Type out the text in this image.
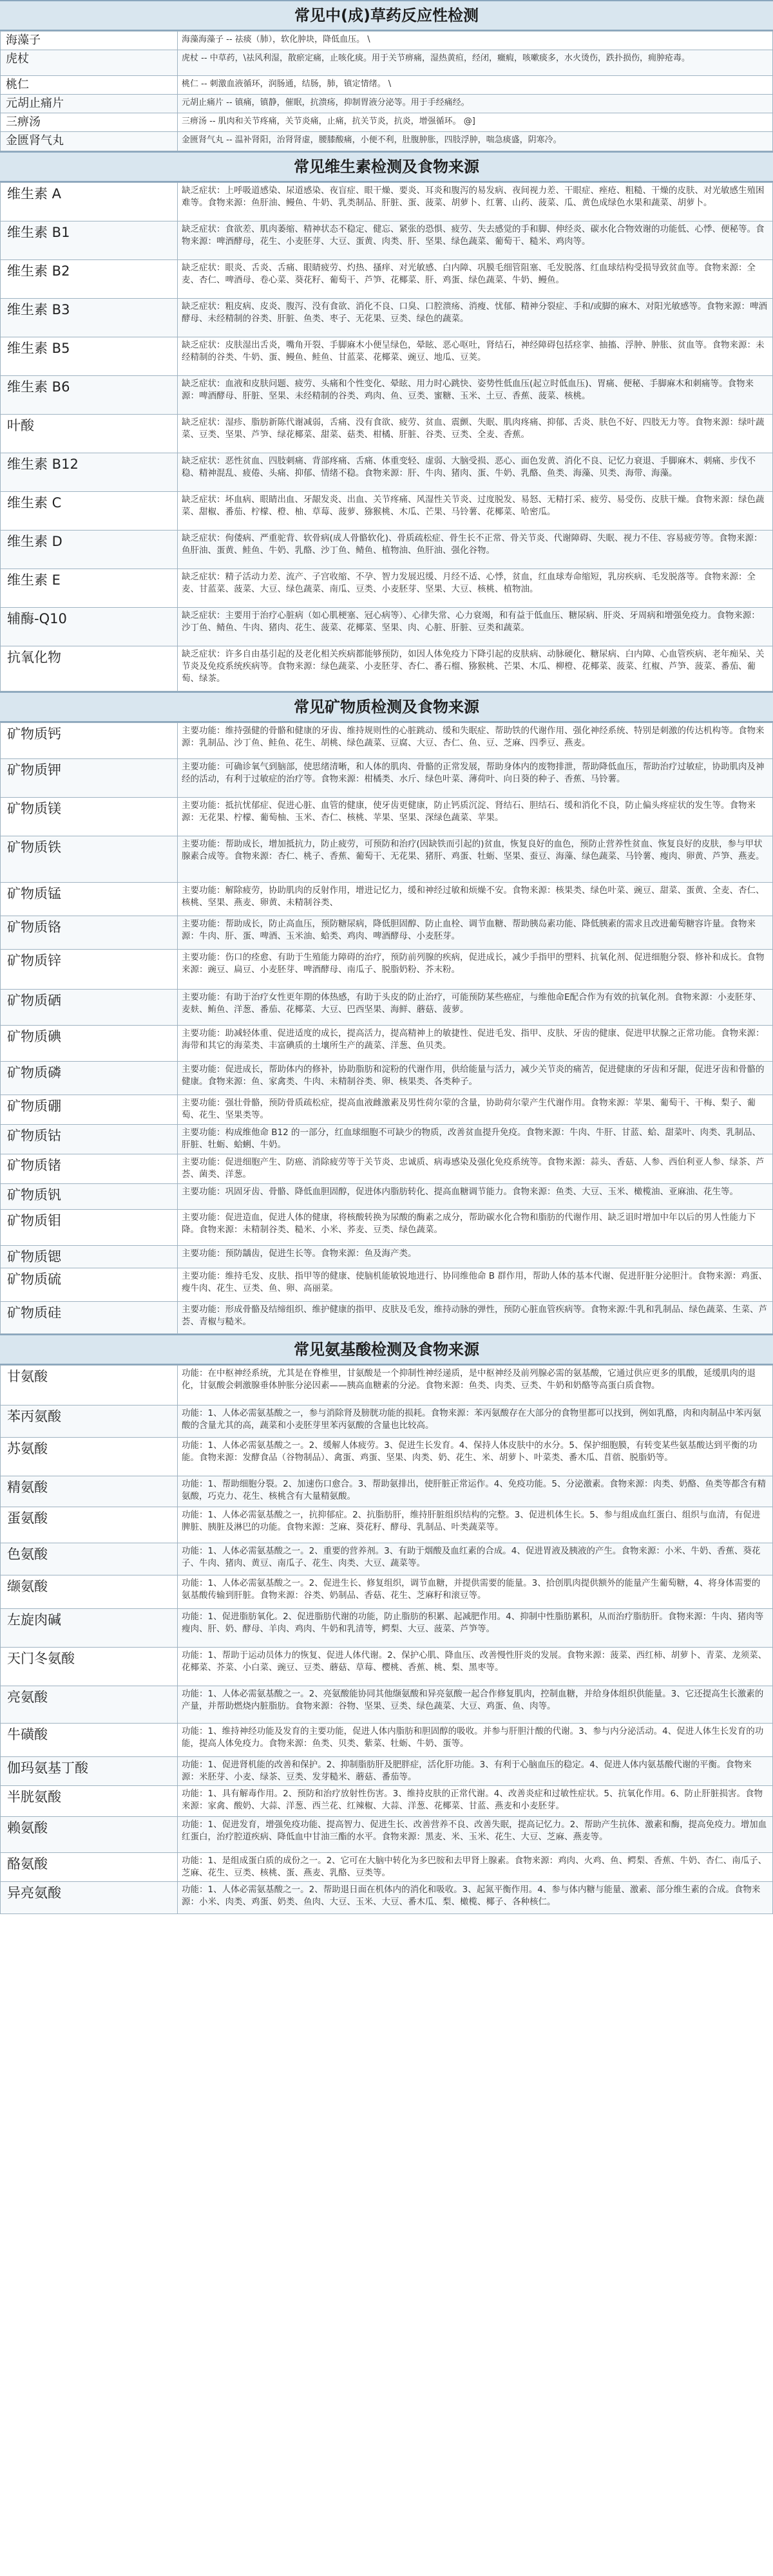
常见中(成)草药反应性检测
海藻子	海藻海藻子 -- 祛痰（肺），软化肿块，降低血压。 \
虎杖	虎杖 -- 中草药，\祛风利湿，散瘀定痛，止咳化痰。用于关节痹痛，湿热黄疸，经闭，癥瘕，咳嗽痰多，水火烫伤，跌扑损伤，痈肿疮毒。
桃仁	桃仁 -- 刺激血液循环，润肠通，结肠，肺，镇定情绪。 \
元胡止痛片	元胡止痛片 -- 镇痛，镇静，催眠，抗溃疡，抑制胃液分泌等。用于手经痛经。
三痹汤	三痹汤 -- 肌肉和关节疼痛，关节炎痛，止痛，抗关节炎，抗炎，增强循环。 @]
金匮肾气丸	金匮肾气丸 -- 温补肾阳，治肾肾虚，腰膝酸痛，小便不利，肚腹肿胀，四肢浮肿，喘急痰盛，阴寒冷。
常见维生素检测及食物来源
维生素 A	缺乏症状：上呼吸道感染、尿道感染、夜盲症、眼干燥、要炎、耳炎和腹泻的易发病、夜间视力差、干眼症、痤疮、粗糙、干燥的皮肤、对光敏感生殖困难等。食物来源：鱼肝油、鳗鱼、牛奶、乳类制品、肝脏、蛋、菠菜、胡萝卜、红薯、山药、菠菜、瓜、黄色成绿色水果和蔬菜、胡萝卜。
维生素 B1	缺乏症状：食欲差、肌肉萎缩、精神状态不稳定、健忘、紧张的恐惧、疲劳、失去感觉的手和脚、伸经炎、碳水化合物效谢的功能低、心悸、便秘等。食物来源：啤酒酵母，花生、小麦胚芽、大豆、蛋黄、肉类、肝、坚果、绿色蔬菜、葡萄干、糙米、鸡肉等。
维生素 B2	缺乏症状：眼炎、舌炎、舌痛、眼睛疲劳、灼热、搔痒、对光敏感、白内障、巩膜毛细管阻塞、毛发脱落、红血球结构受损导致贫血等。食物来源：全麦、杏仁、啤酒母、卷心菜、葵花籽、葡萄干、芦笋、花椰菜、肝、鸡蛋、绿色蔬菜、牛奶、鳗鱼。
维生素 B3	缺乏症状：粗皮病、皮炎、腹泻、没有食欲、消化不良、口臭、口腔溃疡、消瘦、忧郁、精神分裂症、手和/或脚的麻木、对阳光敏感等。食物来源：啤酒酵母、未经精制的谷类、肝脏、鱼类、枣子、无花果、豆类、绿色的蔬菜。
维生素 B5	缺乏症状：皮肤湿出舌炎，嘴角开裂、手脚麻木小便呈绿色，晕眩、恶心呕吐，肾结石，神经障碍包括痉挛、抽搐、浮肿、肿胀、贫血等。食物来源：未经精制的谷类、牛奶、蛋、鳗鱼、鲑鱼、甘蓝菜、花椰菜、豌豆、地瓜、豆荚。
维生素 B6	缺乏症状：血液和皮肤问题、疲劳、头痛和个性变化、晕眩、用力时心跳快、姿势性低血压(起立时低血压)、胃痛、便秘、手脚麻木和刺痛等。食物来源：啤酒酵母、肝脏、坚果、未经精制的谷类、鸡肉、鱼、豆类、蜜糖、玉米、土豆、香蕉、菠菜、核桃。
叶酸	缺乏症状：湿疹、脂肪新陈代谢减弱，舌痛、没有食欲、疲劳、贫血、震颤、失眠、肌肉疼痛、抑郁、舌炎、肤色不好、四肢无力等。食物来源：绿叶蔬菜、豆类、坚果、芦笋、绿花椰菜、甜菜、菇类、柑橘、肝脏、谷类、豆类、全麦、香蕉。
维生素 B12	缺乏症状：恶性贫血、四肢刺痛、背部疼痛、舌痛、体重变轻、虚弱、大脑受损、恶心、面色发黄、消化不良、记忆力衰退、手脚麻木、刺痛、步伐不稳、精神混乱、疲倦、头痛、抑郁、情绪不稳。食物来源：肝、牛肉、猪肉、蛋、牛奶、乳酪、鱼类、海藻、贝类、海带、海藻。
维生素 C	缺乏症状：坏血病、眼睛出血、牙龈发炎、出血、关节疼痛、风湿性关节炎、过度脱发、易怒、无精打采、疲劳、易受伤、皮肤干燥。食物来源：绿色蔬菜、甜椒、番茄、柠檬、橙、柚、草莓、菠萝、猕猴桃、木瓜、芒果、马铃薯、花椰菜、哈密瓜。
维生素 D	缺乏症状：佝偻病、严重驼背、软骨病(成人骨骼软化)、骨质疏松症、骨生长不正常、骨关节炎、代谢障碍、失眠、视力不佳、容易疲劳等。食物来源：鱼肝油、蛋黄、鲑鱼、牛奶、乳酪、沙丁鱼、鲭鱼、植物油、鱼肝油、强化谷物。
维生素 E	缺乏症状：精子活动力差、流产、子宫收缩、不孕、智力发展迟缓、月经不适、心悸，贫血，红血球寿命缩短，乳房疾病、毛发脱落等。食物来源：全麦、甘蓝菜、菠菜、大豆、绿色蔬菜、南瓜、豆类、小麦胚芽、坚果、大豆、核桃、植物油。
辅酶-Q10	缺乏症状：主要用于治疗心脏病（如心肌梗塞、冠心病等）、心律失常、心力衰竭，和有益于低血压、糖尿病、肝炎、牙周病和增强免疫力。食物来源：沙丁鱼、鲭鱼、牛肉、猪肉、花生、菠菜、花椰菜、坚果、肉、心脏、肝脏、豆类和蔬菜。
抗氧化物	缺乏症状：许多自由基引起的及老化相关疾病都能够预防，如因人体免疫力下降引起的皮肤病、动脉硬化、糖尿病、白内障、心血管疾病、老年痴呆、关节炎及免疫系统疾病等。食物来源：绿色蔬菜、小麦胚芽、杏仁、番石榴、猕猴桃、芒果、木瓜、柳橙、花椰菜、菠菜、红椒、芦笋、菠菜、番茄、葡萄、绿茶。
常见矿物质检测及食物来源
矿物质钙	主要功能：维持强健的骨骼和健康的牙齿、维持规则性的心脏跳动、缓和失眠症、帮助铁的代谢作用、强化神经系统、特别是刺激的传达机构等。食物来源：乳制品、沙丁鱼、鲑鱼、花生、胡桃、绿色蔬菜、豆腐、大豆、杏仁、鱼、豆、芝麻、四季豆、燕麦。
矿物质钾	主要功能：可确诊氧气到脑部，使思绪清晰，和人体的肌肉、骨骼的正常发展，帮助身体内的废物排泄，帮助降低血压，帮助治疗过敏症，协助肌肉及神经的活动，有利于过敏症的治疗等。食物来源：柑橘类、水斤、绿色叶菜、薄荷叶、向日葵的种子、香蕉、马铃薯。
矿物质镁	主要功能：抵抗忧郁症、促进心脏、血管的健康，使牙齿更健康，防止钙质沉淀、肾结石、胆结石、缓和消化不良，防止偏头疼症状的发生等。食物来源：无花果、柠檬、葡萄柚、玉米、杏仁、核桃、苹果、坚果、深绿色蔬菜、苹果。
矿物质铁	主要功能：帮助成长，增加抵抗力，防止疲劳，可预防和治疗(因缺铁而引起的)贫血，恢复良好的血色，预防止营养性贫血、恢复良好的皮肤，参与甲状腺素合成等。食物来源：杏仁、桃子、香蕉、葡萄干、无花果、猪肝、鸡蛋、牡蛎、坚果、蚕豆、海藻、绿色蔬菜、马铃薯、瘦肉、卵黄、芦笋、燕麦。
矿物质锰	主要功能：解除疲劳，协助肌肉的反射作用，增进记忆力，缓和神经过敏和烦燥不安。食物来源：核果类、绿色叶菜、豌豆、甜菜、蛋黄、全麦、杏仁、核桃、坚果、燕麦、卵黄、未精制谷类、
矿物质铬	主要功能：帮助成长，防止高血压，预防糖尿病，降低胆固醇、防止血栓、调节血糖、帮助胰岛素功能、降低胰素的需求且改进葡萄糖容许量。食物来源：牛肉、肝、蛋、啤酒、玉米油、蛤类、鸡肉、啤酒酵母、小麦胚芽。
矿物质锌	主要功能：伤口的痊愈、有助于生殖能力障碍的治疗，预防前列腺的疾病，促进成长，减少手指甲的塑料、抗氧化剂、促进细胞分裂、修补和成长。食物来源：豌豆、扁豆、小麦胚芽、啤酒酵母、南瓜子、脱脂奶粉、芥末粉。
矿物质硒	主要功能：有助于治疗女性更年期的体热感，有助于头皮的防止治疗，可能预防某些癌症，与维他命E配合作为有效的抗氧化剂。食物来源：小麦胚芽、麦麸、鲔鱼、洋葱、番茄、花椰菜、大豆、巴西坚果、海鲜、蘑菇、菠萝。
矿物质碘	主要功能：助减轻体重、促进适度的成长，提高活力，提高精神上的敏捷性、促进毛发、指甲、皮肤、牙齿的健康、促进甲状腺之正常功能。食物来源：海带和其它的海菜类、丰富碘质的土壤所生产的蔬菜、洋葱、鱼贝类。
矿物质磷	主要功能：促进成长，帮助体内的修补，协助脂肪和淀粉的代谢作用，供给能量与活力，减少关节炎的痛苦，促进健康的牙齿和牙龈，促进牙齿和骨骼的健康。食物来源：鱼、家禽类、牛肉、未精制谷类、卵、核果类、各类种子。
矿物质硼	主要功能：强壮骨骼，预防骨质疏松症，提高血液雌激素及男性荷尔蒙的含量，协助荷尔蒙产生代谢作用。食物来源：苹果、葡萄干、干梅、梨子、葡萄、花生、坚果类等。
矿物质钴	主要功能：构成维他命 B12 的一部分，红血球细胞不可缺少的物质，改善贫血提升免疫。食物来源：牛肉、牛肝、甘蓝、蛤、甜菜叶、肉类、乳制品、肝脏、牡蛎、蛤蜊、牛奶。
矿物质锗	主要功能：促进细胞产生、防癌、消除疲劳等于关节炎、忠诚质、病毒感染及强化免疫系统等。食物来源：蒜头、香菇、人参、西伯利亚人参、绿茶、芦荟、菌类、洋葱。
矿物质钒	主要功能：巩固牙齿、骨骼、降低血胆固醇，促进体内脂肪转化、提高血糖调节能力。食物来源：鱼类、大豆、玉米、橄榄油、亚麻油、花生等。
矿物质钼	主要功能：促进造血，促进人体的健康，将核酸转换为尿酸的酶素之成分，帮助碳水化合物和脂肪的代谢作用、缺乏诅时增加中年以后的男人性能力下降。食物来源：未精制谷类、糙米、小米、荞麦、豆类、绿色蔬菜。
矿物质锶	主要功能：预防龋齿，促进生长等。食物来源：鱼及海产类。
矿物质硫	主要功能：维持毛发、皮肤、指甲等的健康、使脑机能敏锐地进行、协同维他命 B 群作用，帮助人体的基本代谢、促进肝脏分泌胆汁。食物来源：鸡蛋、瘦牛肉、花生、豆类、鱼、卵、高丽菜。
矿物质硅	主要功能：形成骨骼及结缔组织、维护健康的指甲、皮肤及毛发，维持动脉的弹性，预防心脏血管疾病等。食物来源:牛乳和乳制品、绿色蔬菜、生菜、芦荟、青椒与糙米。
常见氨基酸检测及食物来源
甘氨酸	功能：在中枢神经系统，尤其是在脊椎里，甘氨酸是一个抑制性神经递质，是中枢神经及前列腺必需的氨基酸，它通过供应更多的肌酸，延缓肌肉的退化，甘氨酸会刺激腺垂体肿胀分泌因素——胰高血糖素的分泌。食物来源：鱼类、肉类、豆类、牛奶和奶酪等高蛋白质食物。
苯丙氨酸	功能：1、人体必需氨基酸之一，参与消除肾及膀胱功能的损耗。食物来源：苯丙氨酸存在大部分的食物里都可以找到，例如乳酪，肉和肉制品中苯丙氨酸的含量尤其的高，蔬菜和小麦胚芽里苯丙氨酸的含量也比较高。
苏氨酸	功能：1、人体必需氨基酸之一。2、缓解人体疲劳。3、促进生长发育。4、保持人体皮肤中的水分。5、保护细胞膜，有转变某些氨基酸达到平衡的功能。食物来源：发酵食品（谷物制品）、禽蛋、鸡蛋、坚果、肉类、奶、花生、米、胡萝卜、叶菜类、番木瓜、苜蓿、脱脂奶等。
精氨酸	功能：1、帮助细胞分裂。2、加速伤口愈合。3、帮助氨排出，使肝脏正常运作。4、免疫功能。5、分泌激素。食物来源：肉类、奶酪、鱼类等都含有精氨酸，巧克力、花生、核桃含有大量精氨酸。
蛋氨酸	功能：1、人体必需氨基酸之一，抗抑郁症。2、抗脂肪肝，维持肝脏组织结构的完整。3、促进机体生长。5、参与组成血红蛋白、组织与血清，有促进脾脏、胰脏及淋巴的功能。食物来源：芝麻、葵花籽、酵母、乳制品、叶类蔬菜等。
色氨酸	功能：1、人体必需氨基酸之一。2、重要的营养剂。3、有助于烟酸及血红素的合成。4、促进胃液及胰液的产生。食物来源：小米、牛奶、香蕉、葵花子、牛肉、猪肉、黄豆、南瓜子、花生、肉类、大豆、蔬菜等。
缬氨酸	功能：1、人体必需氨基酸之一。2、促进生长、修复组织，调节血糖，并提供需要的能量。3、拾创肌肉提供额外的能量产生葡萄糖，4、将身体需要的氨基酸传输到肝脏。食物来源：谷类、奶制品、香菇、花生、芝麻籽和滚豆等。
左旋肉碱	功能：1、促进脂肪氧化。2、促进脂肪代谢的功能，防止脂肪的积累、起减肥作用。4、抑制中性脂肪累积，从而治疗脂肪肝。食物来源：牛肉、猪肉等瘦肉、肝、奶、酵母、羊肉、鸡肉、牛奶和乳清等，鳄梨、大豆、菠菜、芦笋等。
天门冬氨酸	功能：1、帮助于运动员体力的恢复、促进人体代谢。2、保护心肌、降血压、改善慢性肝炎的发展。食物来源：菠菜、西红柿、胡萝卜、青菜、龙须菜、花椰菜、芥菜、小白菜、豌豆、豆类、蘑菇、草莓、樱桃、香蕉、桃、梨、黑枣等。
亮氨酸	功能：1、人体必需氨基酸之一。2、亮氨酸能协同其他缬氨酸和异亮氨酸一起合作修复肌肉，控制血糖，并给身体组织供能量。3、它还提高生长激素的产量，并帮助燃烧内脏脂肪。食物来源：谷物、坚果、豆类、绿色蔬菜、大豆、鸡蛋、鱼、肉等。
牛磺酸	功能：1、维持神经功能及发育的主要功能，促进人体内脂肪和胆固醇的吸收。并参与肝胆汁酸的代谢。3、参与内分泌活动。4、促进人体生长发育的功能，提高人体免疫力。食物来源：鱼类、贝类、紫菜、牡蛎、牛奶、蛋等。
伽玛氨基丁酸	功能：1、促进肾机能的改善和保护。2、抑制脂肪肝及肥胖症，活化肝功能。3、有利于心脑血压的稳定。4、促进人体内氨基酸代谢的平衡。食物来源：米胚芽、小麦、绿茶、豆类、发芽糙米、蘑菇、番茄等。
半胱氨酸	功能：1、具有解毒作用。2、预防和治疗放射性伤害。3、维持皮肤的正常代谢。4、改善炎症和过敏性症状。5、抗氧化作用。6、防止肝脏损害。食物来源：家禽、酸奶、大蒜、洋葱、西兰花、红辣椒、大蒜、洋葱、花椰菜、甘蓝、燕麦和小麦胚芽。
赖氨酸	功能：1、促进发育，增强免疫功能、提高智力、促进生长、改善营养不良、改善失眠，提高记忆力。2、帮助产生抗体、激素和酶，提高免疫力。增加血红蛋白，治疗腔道疾病、降低血中甘油三酯的水平。食物来源：黑麦、米、玉米、花生、大豆、芝麻、燕麦等。
酪氨酸	功能：1、是组成蛋白质的成份之一。2、它可在大脑中转化为多巴胺和去甲肾上腺素。食物来源：鸡肉、火鸡、鱼、鳄梨、香蕉、牛奶、杏仁、南瓜子、芝麻、花生、豆类、核桃、蛋、燕麦、乳酪、豆类等。
异亮氨酸	功能：1、人体必需氨基酸之一。2、帮助退日面在机体内的消化和吸收。3、起氮平衡作用。4、参与体内糖与能量、激素、部分维生素的合成。食物来源：小米、肉类、鸡蛋、奶类、鱼肉、大豆、玉米、大豆、番木瓜、梨、橄榄、椰子、各种核仁。
